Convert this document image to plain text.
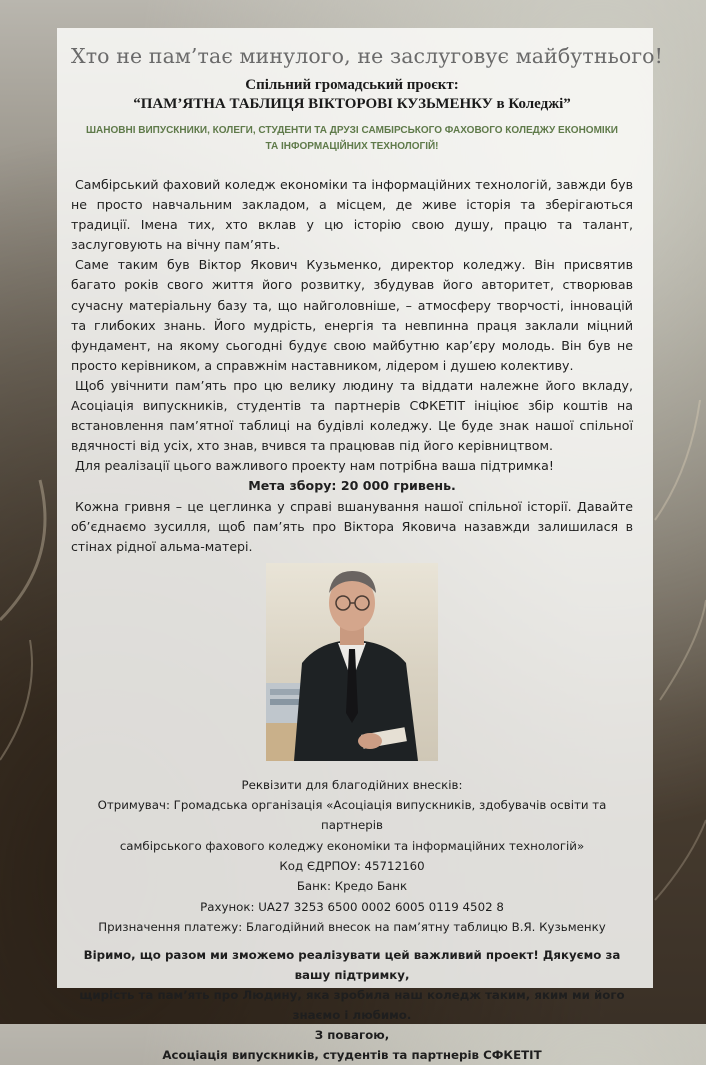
Хто не пам’тає минулого, не заслуговує майбутнього!
Спільний громадський проєкт:
“ПАМ’ЯТНА ТАБЛИЦЯ ВІКТОРОВІ КУЗЬМЕНКУ в Коледжі”
ШАНОВНІ ВИПУСКНИКИ, КОЛЕГИ, СТУДЕНТИ ТА ДРУЗІ САМБІРСЬКОГО ФАХОВОГО КОЛЕДЖУ ЕКОНОМІКИ ТА ІНФОРМАЦІЙНИХ ТЕХНОЛОГІЙ!

Самбірський фаховий коледж економіки та інформаційних технологій, завжди був не просто навчальним закладом, а місцем, де живе історія та зберігаються традиції. Імена тих, хто вклав у цю історію свою душу, працю та талант, заслуговують на вічну пам’ять.

Саме таким був Віктор Якович Кузьменко, директор коледжу. Він присвятив багато років свого життя його розвитку, збудував його авторитет, створював сучасну матеріальну базу та, що найголовніше, – атмосферу творчості, інновацій та глибоких знань. Його мудрість, енергія та невпинна праця заклали міцний фундамент, на якому сьогодні будує свою майбутню кар’єру молодь. Він був не просто керівником, а справжнім наставником, лідером і душею колективу.

Щоб увічнити пам’ять про цю велику людину та віддати належне його вкладу, Асоціація випускників, студентів та партнерів СФКЕТІТ ініціює збір коштів на встановлення пам’ятної таблиці на будівлі коледжу. Це буде знак нашої спільної вдячності від усіх, хто знав, вчився та працював під його керівництвом.

Для реалізації цього важливого проекту нам потрібна ваша підтримка!

Мета збору: 20 000 гривень.

Кожна гривня – це цеглинка у справі вшанування нашої спільної історії. Давайте об’єднаємо зусилля, щоб пам’ять про Віктора Яковича назавжди залишилася в стінах рідної альма-матері.

Реквізити для благодійних внесків:
Отримувач: Громадська організація «Асоціація випускників, здобувачів освіти та партнерів
самбірського фахового коледжу економіки та інформаційних технологій»
Код ЄДРПОУ: 45712160
Банк: Кредо Банк
Рахунок: UA27 3253 6500 0002 6005 0119 4502 8
Призначення платежу: Благодійний внесок на пам’ятну таблицю В.Я. Кузьменку
Віримо, що разом ми зможемо реалізувати цей важливий проект! Дякуємо за вашу підтримку,
щирість та пам’ять про Людину, яка зробила наш коледж таким, яким ми його знаємо і любимо.
З повагою,
Асоціація випускників, студентів та партнерів СФКЕТІТ
